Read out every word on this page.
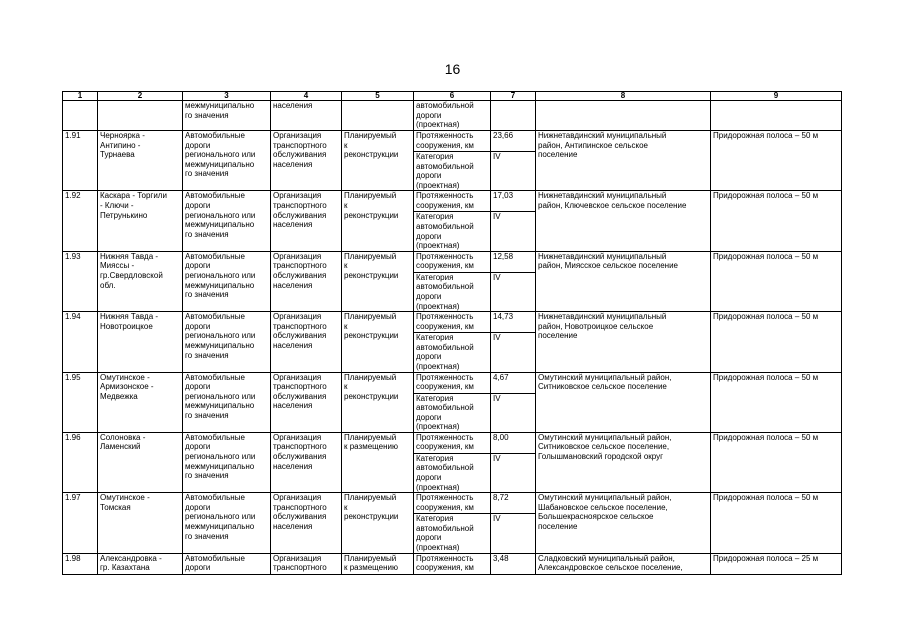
16
1	2	3	4	5	6	7	8	9
		межмуниципально
го значения	населения		автомобильной
дороги
(проектная)			
1.91	Черноярка -
Антипино -
Турнаева	Автомобильные
дороги
регионального или
межмуниципально
го значения	Организация
транспортного
обслуживания
населения	Планируемый
к
реконструкции	Протяженность
сооружения, км	23,66	Нижнетавдинский муниципальный
район, Антипинское сельское
поселение	Придорожная полоса – 50 м
					Категория
автомобильной
дороги
(проектная)	IV		
1.92	Каскара - Торгили
- Ключи -
Петрунькино	Автомобильные
дороги
регионального или
межмуниципально
го значения	Организация
транспортного
обслуживания
населения	Планируемый
к
реконструкции	Протяженность
сооружения, км	17,03	Нижнетавдинский муниципальный
район, Ключевское сельское поселение	Придорожная полоса – 50 м
					Категория
автомобильной
дороги
(проектная)	IV		
1.93	Нижняя Тавда -
Мияссы -
гр.Свердловской
обл.	Автомобильные
дороги
регионального или
межмуниципально
го значения	Организация
транспортного
обслуживания
населения	Планируемый
к
реконструкции	Протяженность
сооружения, км	12,58	Нижнетавдинский муниципальный
район, Миясское сельское поселение	Придорожная полоса – 50 м
					Категория
автомобильной
дороги
(проектная)	IV		
1.94	Нижняя Тавда -
Новотроицкое	Автомобильные
дороги
регионального или
межмуниципально
го значения	Организация
транспортного
обслуживания
населения	Планируемый
к
реконструкции	Протяженность
сооружения, км	14,73	Нижнетавдинский муниципальный
район, Новотроицкое сельское
поселение	Придорожная полоса – 50 м
					Категория
автомобильной
дороги
(проектная)	IV		
1.95	Омутинское -
Армизонское -
Медвежка	Автомобильные
дороги
регионального или
межмуниципально
го значения	Организация
транспортного
обслуживания
населения	Планируемый
к
реконструкции	Протяженность
сооружения, км	4,67	Омутинский муниципальный район,
Ситниковское сельское поселение	Придорожная полоса – 50 м
					Категория
автомобильной
дороги
(проектная)	IV		
1.96	Солоновка -
Ламенский	Автомобильные
дороги
регионального или
межмуниципально
го значения	Организация
транспортного
обслуживания
населения	Планируемый
к размещению	Протяженность
сооружения, км	8,00	Омутинский муниципальный район,
Ситниковское сельское поселение,
Голышмановский городской округ	Придорожная полоса – 50 м
					Категория
автомобильной
дороги
(проектная)	IV		
1.97	Омутинское -
Томская	Автомобильные
дороги
регионального или
межмуниципально
го значения	Организация
транспортного
обслуживания
населения	Планируемый
к
реконструкции	Протяженность
сооружения, км	8,72	Омутинский муниципальный район,
Шабановское сельское поселение,
Большекрасноярское сельское
поселение	Придорожная полоса – 50 м
					Категория
автомобильной
дороги
(проектная)	IV		
1.98	Александровка -
гр. Казахтана	Автомобильные
дороги	Организация
транспортного	Планируемый
к размещению	Протяженность
сооружения, км	3,48	Сладковский муниципальный район,
Александровское сельское поселение,	Придорожная полоса – 25 м
